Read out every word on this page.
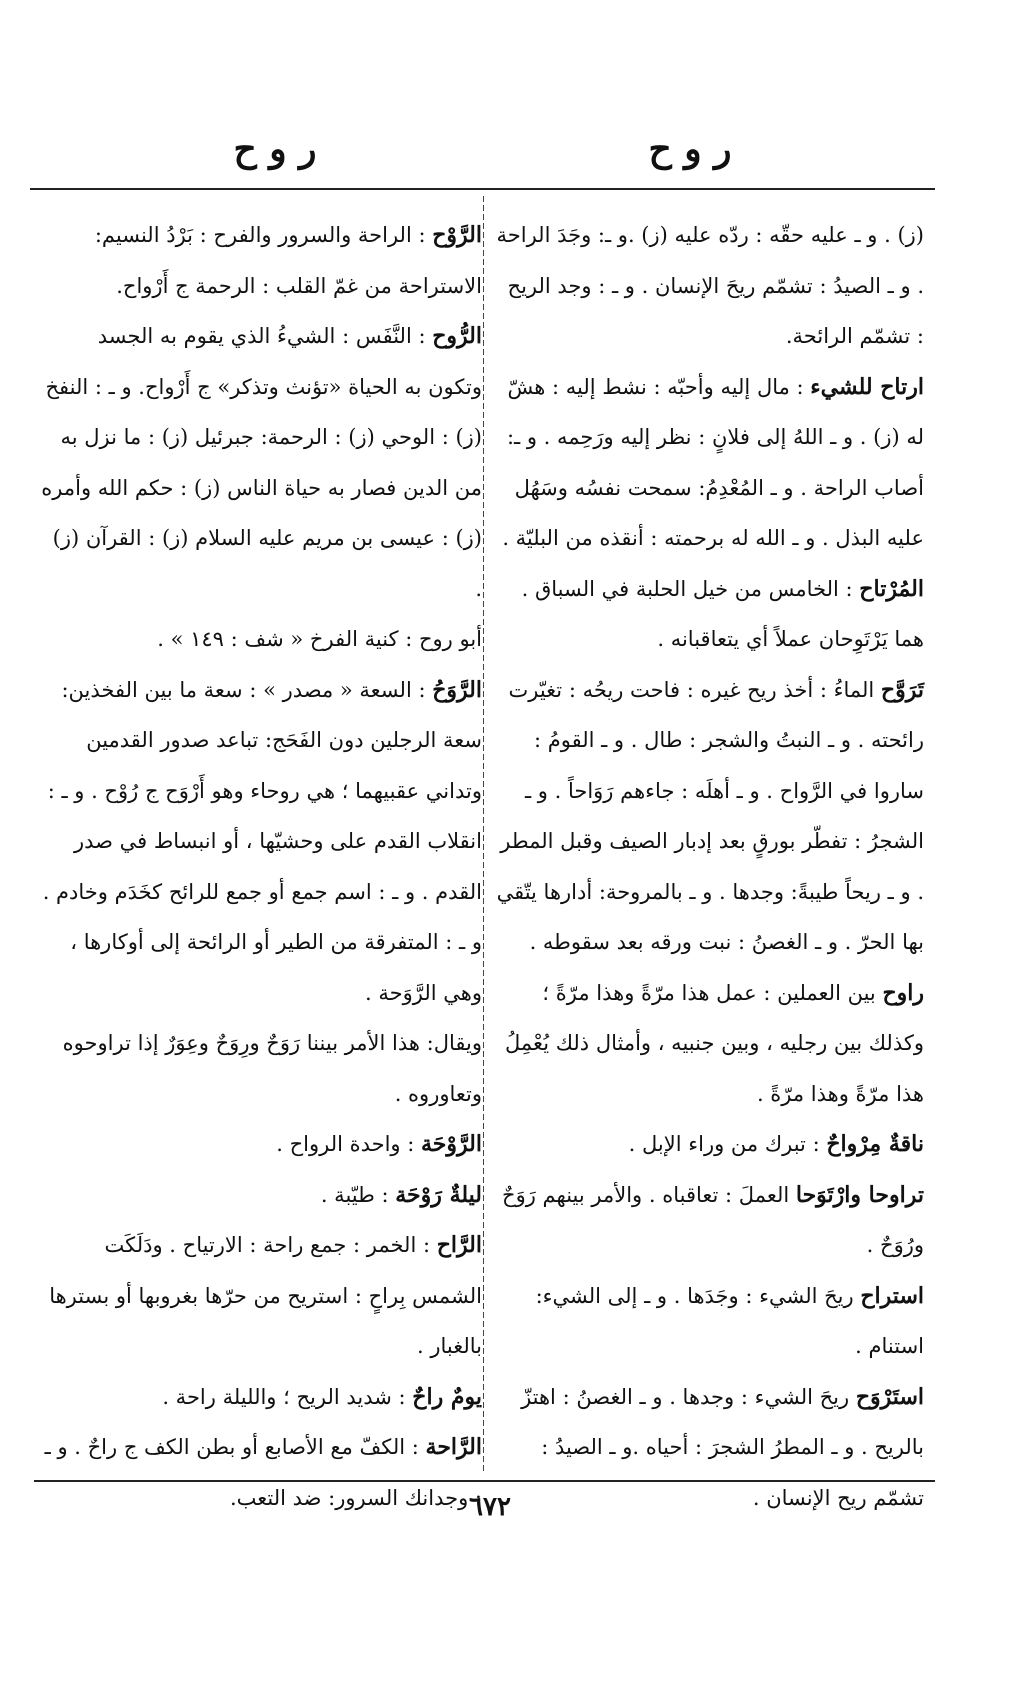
ر و ح
ر و ح

(ز) . و ـ عليه حقّه : ردّه عليه (ز) .و ـ: وجَدَ الراحة . و ـ الصيدُ : تشمّم ريحَ الإنسان . و ـ : وجد الريح : تشمّم الرائحة.

ارتاح للشيء : مال إليه وأحبّه : نشط إليه : هشّ له (ز) . و ـ اللهُ إلى فلانٍ : نظر إليه ورَحِمه . و ـ: أصاب الراحة . و ـ المُعْدِمُ: سمحت نفسُه وسَهُل عليه البذل . و ـ الله له برحمته : أنقذه من البليّة .

المُرْتاح : الخامس من خيل الحلبة في السباق . هما يَرْتَوِحان عملاً أي يتعاقبانه .

تَرَوَّح الماءُ : أخذ ريح غيره : فاحت ريحُه : تغيّرت رائحته . و ـ النبتُ والشجر : طال . و ـ القومُ : ساروا في الرَّواح . و ـ أهلَه : جاءهم رَوَاحاً . و ـ الشجرُ : تفطّر بورقٍ بعد إدبار الصيف وقبل المطر . و ـ ريحاً طيبةً: وجدها . و ـ بالمروحة: أدارها يتّقي بها الحرّ . و ـ الغصنُ : نبت ورقه بعد سقوطه .

راوح بين العملين : عمل هذا مرّةً وهذا مرّةً ؛ وكذلك بين رجليه ، وبين جنبيه ، وأمثال ذلك يُعْمِلُ هذا مرّةً وهذا مرّةً .

ناقةٌ مِرْواحٌ : تبرك من وراء الإبل .

تراوحا وارْتَوَحا العملَ : تعاقباه . والأمر بينهم رَوَحٌ ورُوَحٌ .

استراح ريحَ الشيء : وجَدَها . و ـ إلى الشيء: استنام .

استَرْوَح ريحَ الشيء : وجدها . و ـ الغصنُ : اهتزّ بالريح . و ـ المطرُ الشجرَ : أحياه .و ـ الصيدُ : تشمّم ريح الإنسان .

الرَّوْح : الراحة والسرور والفرح : بَرْدُ النسيم: الاستراحة من غمّ القلب : الرحمة ج أَرْواح.

الرُّوح : النَّفَس : الشيءُ الذي يقوم به الجسد وتكون به الحياة «تؤنث وتذكر» ج أَرْواح. و ـ : النفخ (ز) : الوحي (ز) : الرحمة: جبرئيل (ز) : ما نزل به من الدين فصار به حياة الناس (ز) : حكم الله وأمره (ز) : عيسى بن مريم عليه السلام (ز) : القرآن (ز) .

أبو روح : كنية الفرخ « شف : ١٤٩ » .

الرَّوَحُ : السعة « مصدر » : سعة ما بين الفخذين: سعة الرجلين دون الفَحَج: تباعد صدور القدمين وتداني عقبيهما ؛ هي روحاء وهو أَرْوَح ج رُوْح . و ـ : انقلاب القدم على وحشيّها ، أو انبساط في صدر القدم . و ـ : اسم جمع أو جمع للرائح كخَدَم وخادم . و ـ : المتفرقة من الطير أو الرائحة إلى أوكارها ، وهي الرَّوَحة .

ويقال: هذا الأمر بيننا رَوَحٌ ورِوَحٌ وعِوَرٌ إذا تراوحوه وتعاوروه .

الرَّوْحَة : واحدة الرواح .

ليلةٌ رَوْحَة : طيّبة .

الرَّاح : الخمر : جمع راحة : الارتياح . ودَلَكَت الشمس بِراحٍ : استريح من حرّها بغروبها أو بسترها بالغبار .

يومٌ راحٌ : شديد الريح ؛ والليلة راحة .

الرَّاحة : الكفّ مع الأصابع أو بطن الكف ج راحٌ . و ـ : وجدانك السرور: ضد التعب.

٦٧٢
